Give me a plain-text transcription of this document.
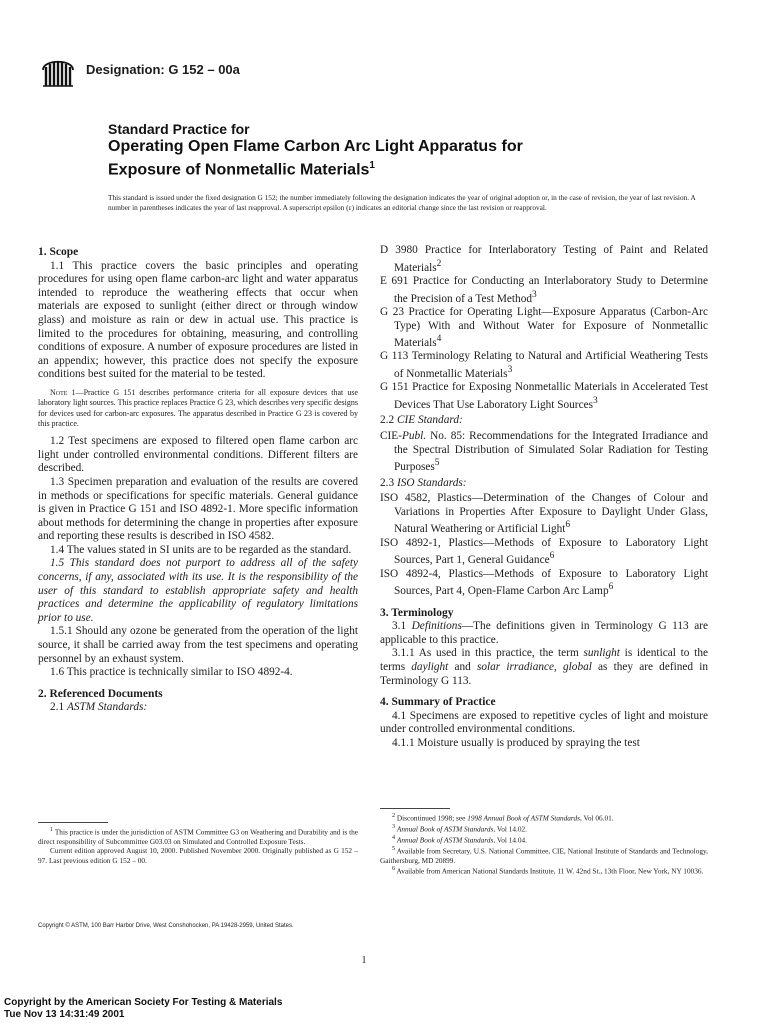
Designation: G 152 – 00a
Standard Practice for
Operating Open Flame Carbon Arc Light Apparatus for
Exposure of Nonmetallic Materials$^1$
This standard is issued under the fixed designation G 152; the number immediately following the designation indicates the year of original adoption or, in the case of revision, the year of last revision. A number in parentheses indicates the year of last reapproval. A superscript epsilon (ε) indicates an editorial change since the last revision or reapproval.

1. Scope

1.1 This practice covers the basic principles and operating procedures for using open flame carbon-arc light and water apparatus intended to reproduce the weathering effects that occur when materials are exposed to sunlight (either direct or through window glass) and moisture as rain or dew in actual use. This practice is limited to the procedures for obtaining, measuring, and controlling conditions of exposure. A number of exposure procedures are listed in an appendix; however, this practice does not specify the exposure conditions best suited for the material to be tested.

Note 1—Practice G 151 describes performance criteria for all exposure devices that use laboratory light sources. This practice replaces Practice G 23, which describes very specific designs for devices used for carbon-arc exposures. The apparatus described in Practice G 23 is covered by this practice.

1.2 Test specimens are exposed to filtered open flame carbon arc light under controlled environmental conditions. Different filters are described.

1.3 Specimen preparation and evaluation of the results are covered in methods or specifications for specific materials. General guidance is given in Practice G 151 and ISO 4892-1. More specific information about methods for determining the change in properties after exposure and reporting these results is described in ISO 4582.

1.4 The values stated in SI units are to be regarded as the standard.

1.5 This standard does not purport to address all of the safety concerns, if any, associated with its use. It is the responsibility of the user of this standard to establish appropriate safety and health practices and determine the applicability of regulatory limitations prior to use.

1.5.1 Should any ozone be generated from the operation of the light source, it shall be carried away from the test specimens and operating personnel by an exhaust system.

1.6 This practice is technically similar to ISO 4892-4.

2. Referenced Documents

2.1 ASTM Standards:

D 3980 Practice for Interlaboratory Testing of Paint and Related Materials$^2$

E 691 Practice for Conducting an Interlaboratory Study to Determine the Precision of a Test Method$^3$

G 23 Practice for Operating Light—Exposure Apparatus (Carbon-Arc Type) With and Without Water for Exposure of Nonmetallic Materials$^4$

G 113 Terminology Relating to Natural and Artificial Weathering Tests of Nonmetallic Materials$^3$

G 151 Practice for Exposing Nonmetallic Materials in Accelerated Test Devices That Use Laboratory Light Sources$^3$

2.2 CIE Standard:

CIE-Publ. No. 85: Recommendations for the Integrated Irradiance and the Spectral Distribution of Simulated Solar Radiation for Testing Purposes$^5$

2.3 ISO Standards:

ISO 4582, Plastics—Determination of the Changes of Colour and Variations in Properties After Exposure to Daylight Under Glass, Natural Weathering or Artificial Light$^6$

ISO 4892-1, Plastics—Methods of Exposure to Laboratory Light Sources, Part 1, General Guidance$^6$

ISO 4892-4, Plastics—Methods of Exposure to Laboratory Light Sources, Part 4, Open-Flame Carbon Arc Lamp$^6$

3. Terminology

3.1 Definitions—The definitions given in Terminology G 113 are applicable to this practice.

3.1.1 As used in this practice, the term sunlight is identical to the terms daylight and solar irradiance, global as they are defined in Terminology G 113.

4. Summary of Practice

4.1 Specimens are exposed to repetitive cycles of light and moisture under controlled environmental conditions.

4.1.1 Moisture usually is produced by spraying the test

$^1$ This practice is under the jurisdiction of ASTM Committee G3 on Weathering and Durability and is the direct responsibility of Subcommittee G03.03 on Simulated and Controlled Exposure Tests.

Current edition approved August 10, 2000. Published November 2000. Originally published as G 152 – 97. Last previous edition G 152 – 00.

$^2$ Discontinued 1998; see 1998 Annual Book of ASTM Standards, Vol 06.01.

$^3$ Annual Book of ASTM Standards, Vol 14.02.

$^4$ Annual Book of ASTM Standards, Vol 14.04.

$^5$ Available from Secretary, U.S. National Committee, CIE, National Institute of Standards and Technology, Gaithersburg, MD 20899.

$^6$ Available from American National Standards Institute, 11 W. 42nd St., 13th Floor, New York, NY 10036.

Copyright © ASTM, 100 Barr Harbor Drive, West Conshohocken, PA 19428-2959, United States.
1
Copyright by the American Society For Testing & Materials
Tue Nov 13 14:31:49 2001
